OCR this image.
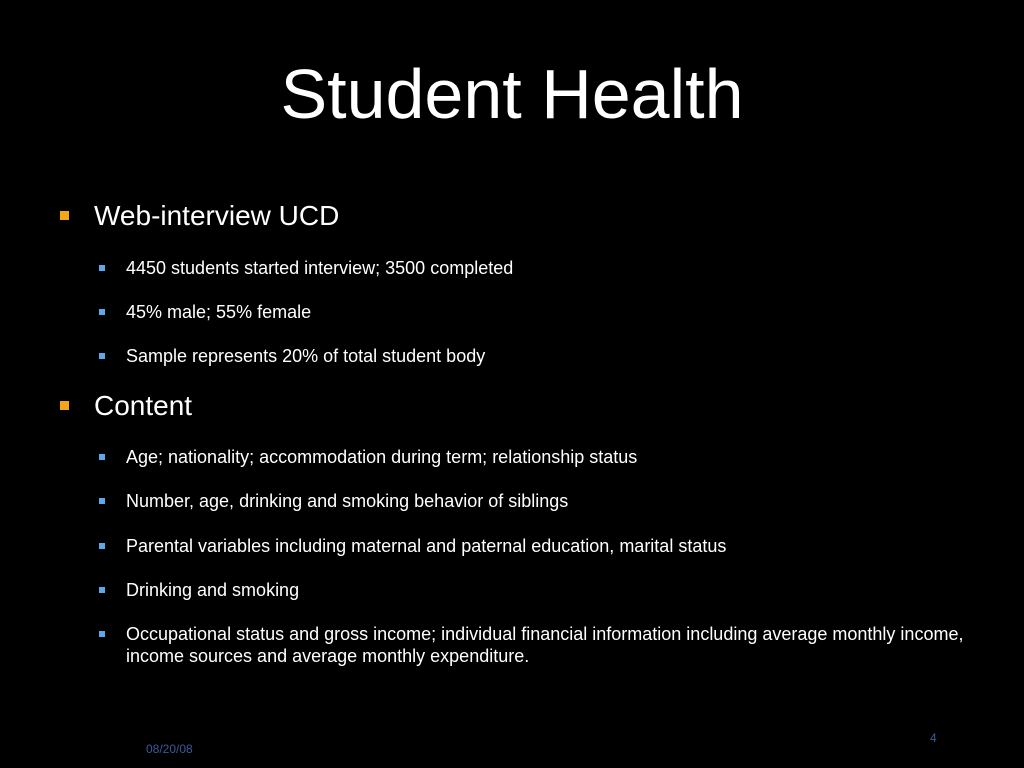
Student Health
Web-interview UCD
4450 students started interview; 3500 completed
45% male; 55% female
Sample represents 20% of total student body
Content
Age; nationality; accommodation during term; relationship status
Number, age, drinking and smoking behavior of siblings
Parental variables including maternal and paternal education, marital status
Drinking and smoking
Occupational status and gross income; individual financial information including average monthly income, income sources and average monthly expenditure.
08/20/08
4
